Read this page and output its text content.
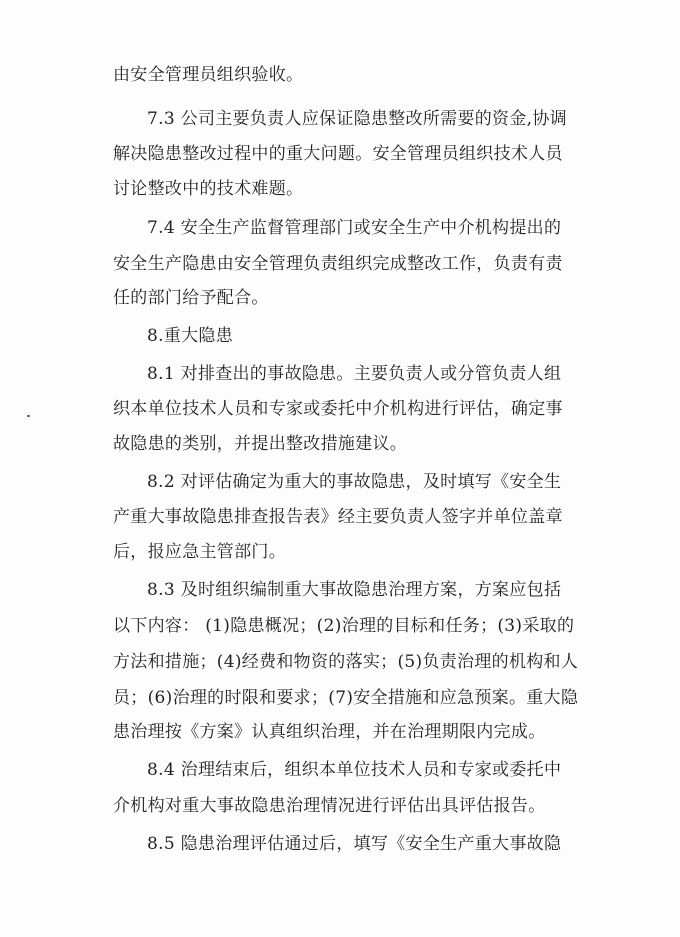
由安全管理员组织验收。
7.3 公司主要负责人应保证隐患整改所需要的资金,协调
解决隐患整改过程中的重大问题。安全管理员组织技术人员
讨论整改中的技术难题。
7.4 安全生产监督管理部门或安全生产中介机构提出的
安全生产隐患由安全管理负责组织完成整改工作，负责有责
任的部门给予配合。
8.重大隐患
8.1 对排查出的事故隐患。主要负责人或分管负责人组
织本单位技术人员和专家或委托中介机构进行评估，确定事
故隐患的类别，并提出整改措施建议。
8.2 对评估确定为重大的事故隐患，及时填写《安全生
产重大事故隐患排查报告表》经主要负责人签字并单位盖章
后，报应急主管部门。
8.3 及时组织编制重大事故隐患治理方案，方案应包括
以下内容： (1)隐患概况；(2)治理的目标和任务；(3)采取的
方法和措施；(4)经费和物资的落实；(5)负责治理的机构和人
员；(6)治理的时限和要求；(7)安全措施和应急预案。重大隐
患治理按《方案》认真组织治理，并在治理期限内完成。
8.4 治理结束后，组织本单位技术人员和专家或委托中
介机构对重大事故隐患治理情况进行评估出具评估报告。
8.5 隐患治理评估通过后，填写《安全生产重大事故隐
